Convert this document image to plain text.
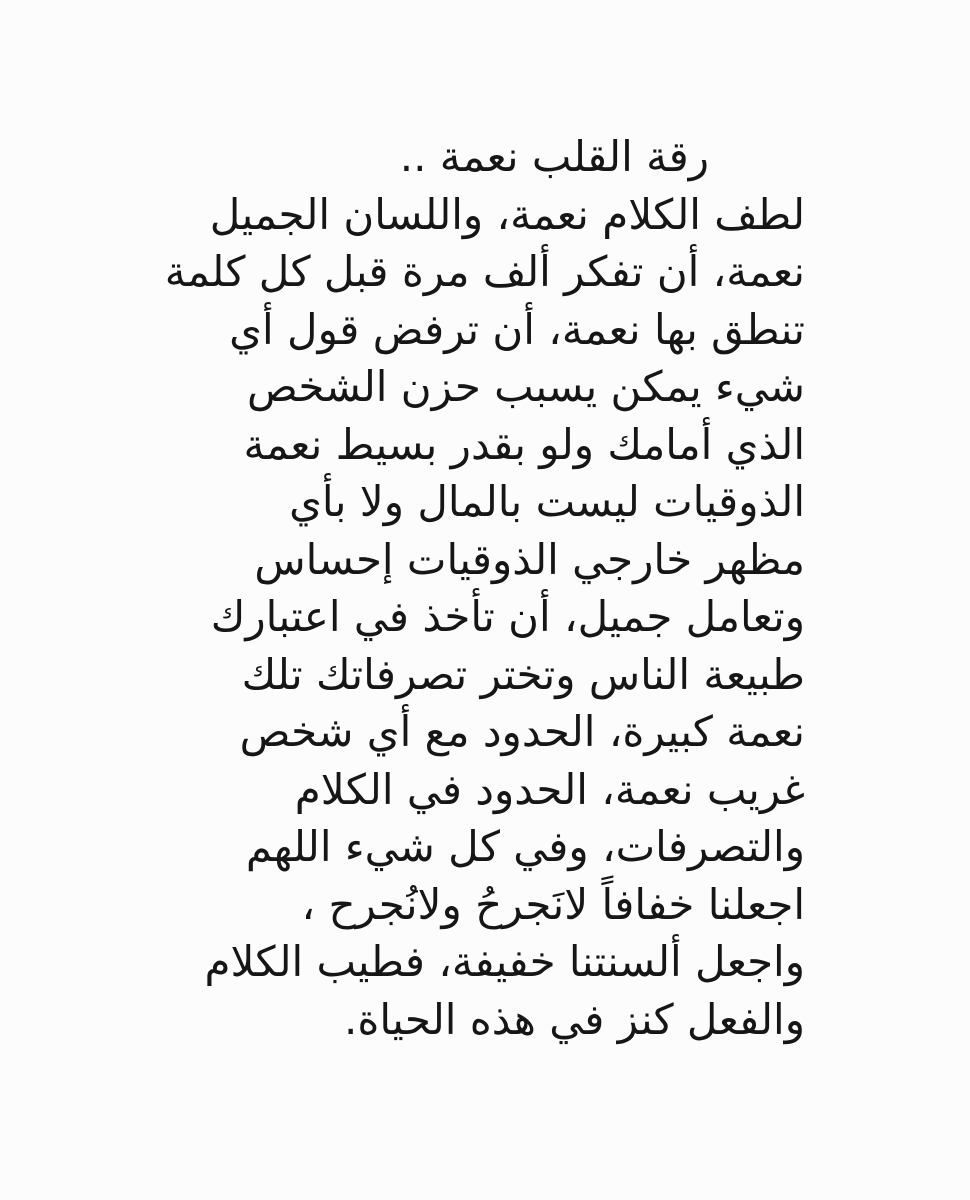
رقة القلب نعمة ..
لطف الكلام نعمة، واللسان الجميل
نعمة، أن تفكر ألف مرة قبل كل كلمة
تنطق بها نعمة، أن ترفض قول أي
شيء يمكن يسبب حزن الشخص
الذي أمامك ولو بقدر بسيط نعمة
الذوقيات ليست بالمال ولا بأي
مظهر خارجي الذوقيات إحساس
وتعامل جميل، أن تأخذ في اعتبارك
طبيعة الناس وتختر تصرفاتك تلك
نعمة كبيرة، الحدود مع أي شخص
غريب نعمة، الحدود في الكلام
والتصرفات، وفي كل شيء اللهم
اجعلنا خفافاً لانَجرحُ ولانُجرح ،
واجعل ألسنتنا خفيفة، فطيب الكلام
والفعل كنز في هذه الحياة.
